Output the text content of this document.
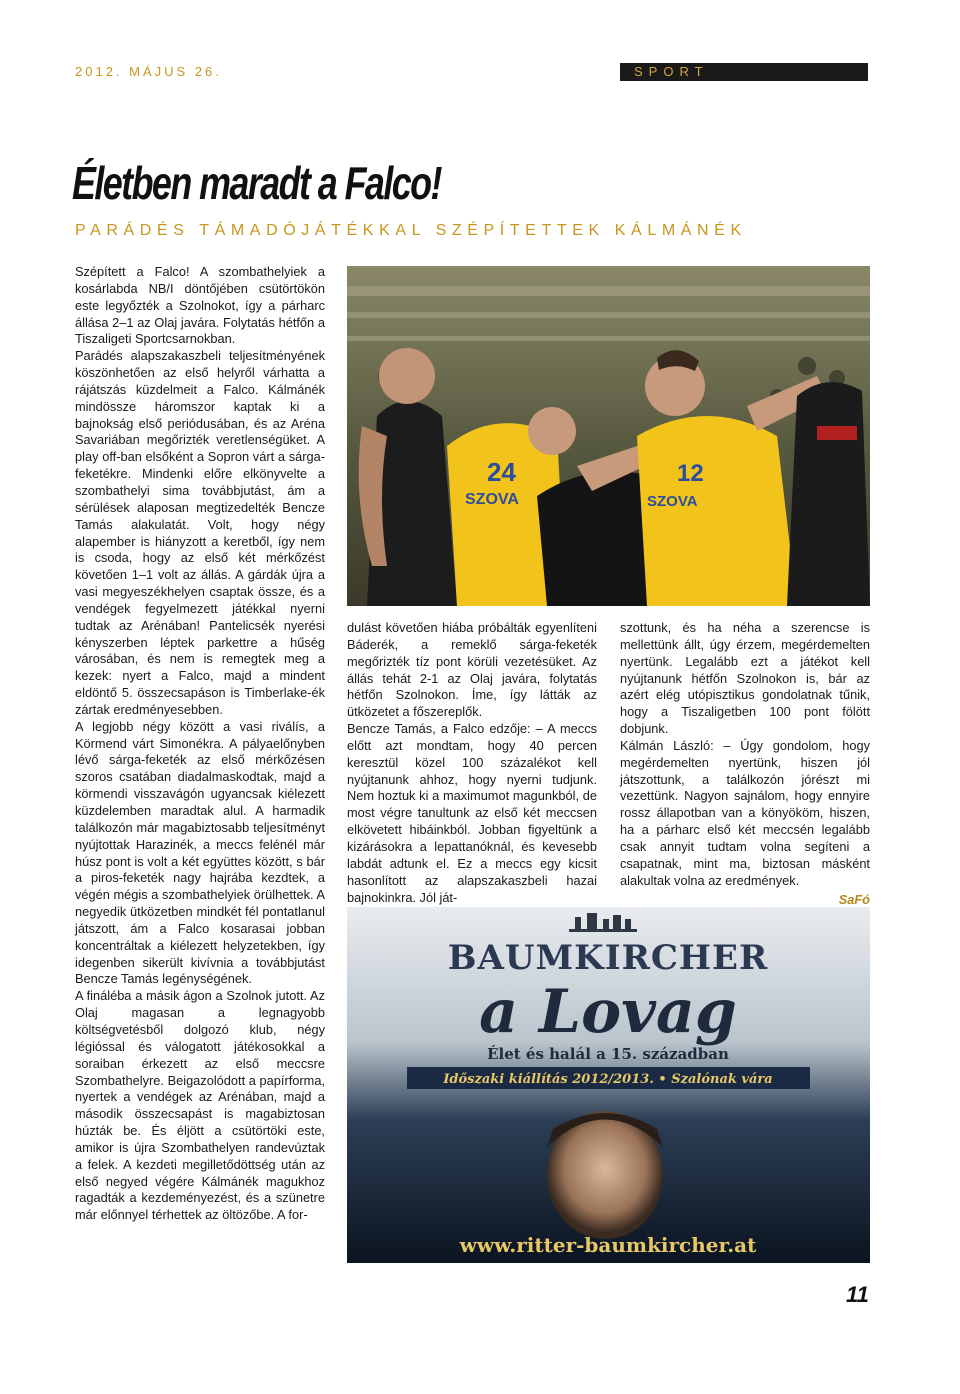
2012. MÁJUS 26.	SPORT
Életben maradt a Falco!
PARÁDÉS TÁMADÓJÁTÉKKAL SZÉPÍTETTEK KÁLMÁNÉK

Szépített a Falco! A szombathelyiek a kosárlabda NB/I döntőjében csütörtökön este legyőzték a Szolnokot, így a párharc állása 2–1 az Olaj javára. Folytatás hétfőn a Tiszaligeti Sportcsarnokban.

Parádés alapszakaszbeli teljesítményének köszönhetően az első helyről várhatta a rájátszás küzdelmeit a Falco. Kálmánék mindössze háromszor kaptak ki a bajnokság első periódusában, és az Aréna Savariában megőrizték veretlenségüket. A play off-ban elsőként a Sopron várt a sárga-feketékre. Mindenki előre elkönyvelte a szombathelyi sima továbbjutást, ám a sérülések alaposan megtizedelték Bencze Tamás alakulatát. Volt, hogy négy alapember is hiányzott a keretből, így nem is csoda, hogy az első két mérkőzést követően 1–1 volt az állás. A gárdák újra a vasi megyeszékhelyen csaptak össze, és a vendégek fegyelmezett játékkal nyerni tudtak az Arénában! Pantelicsék nyerési kényszerben léptek parkettre a hűség városában, és nem is remegtek meg a kezek: nyert a Falco, majd a mindent eldöntő 5. összecsapáson is Timberlake-ék zártak eredményesebben.

A legjobb négy között a vasi riválís, a Körmend várt Simonékra. A pályaelőnyben lévő sárga-feketék az első mérkőzésen szoros csatában diadalmaskodtak, majd a körmendi visszavágón ugyancsak kiélezett küzdelemben maradtak alul. A harmadik találkozón már magabiztosabb teljesítményt nyújtottak Harazinék, a meccs felénél már húsz pont is volt a két együttes között, s bár a piros-feketék nagy hajrába kezdtek, a végén mégis a szombathelyiek örülhettek. A negyedik ütközetben mindkét fél pontatlanul játszott, ám a Falco kosarasai jobban koncentráltak a kiélezett helyzetekben, így idegenben sikerült kivívnia a továbbjutást Bencze Tamás legénységének.

A fináléba a másik ágon a Szolnok jutott. Az Olaj magasan a legnagyobb költségvetésből dolgozó klub, négy légióssal és válogatott játékosokkal a soraiban érkezett az első meccsre Szombathelyre. Beigazolódott a papírforma, nyertek a vendégek az Arénában, majd a második összecsapást is magabiztosan húzták be. És éljött a csütörtöki este, amikor is újra Szombathelyen randevúztak a felek. A kezdeti megilletődöttség után az első negyed végére Kálmánék magukhoz ragadták a kezdeményezést, és a szünetre már előnnyel térhettek az öltözőbe. A for-

24
SZOVA
12
SZOVA

dulást követően hiába próbálták egyenlíteni Báderék, a remeklő sárga-feketék megőrizték tíz pont körüli vezetésüket. Az állás tehát 2-1 az Olaj javára, folytatás hétfőn Szolnokon. Íme, így látták az ütközetet a főszereplők.

Bencze Tamás, a Falco edzője: – A meccs előtt azt mondtam, hogy 40 percen keresztül közel 100 százalékot kell nyújtanunk ahhoz, hogy nyerni tudjunk. Nem hoztuk ki a maximumot magunkból, de most végre tanultunk az első két meccsen elkövetett hibáinkból. Jobban figyeltünk a kizárásokra a lepattanóknál, és kevesebb labdát adtunk el. Ez a meccs egy kicsit hasonlított az alapszakaszbeli hazai bajnokinkra. Jól ját-

szottunk, és ha néha a szerencse is mellettünk állt, úgy érzem, megérdemelten nyertünk. Legalább ezt a játékot kell nyújtanunk hétfőn Szolnokon is, bár az azért elég utópisztikus gondolatnak tűnik, hogy a Tiszaligetben 100 pont fölött dobjunk.

Kálmán László: – Úgy gondolom, hogy megérdemelten nyertünk, hiszen jól játszottunk, a találkozón jórészt mi vezettünk. Nagyon sajnálom, hogy ennyire rossz állapotban van a könyököm, hiszen, ha a párharc első két meccsén legalább csak annyit tudtam volna segíteni a csapatnak, mint ma, biztosan másként alakultak volna az eredmények.

SaFó
BAUMKIRCHER
a Lovag
Élet és halál a 15. században
Időszaki kiállítás 2012/2013. • Szalónak vára
www.ritter-baumkircher.at
11
